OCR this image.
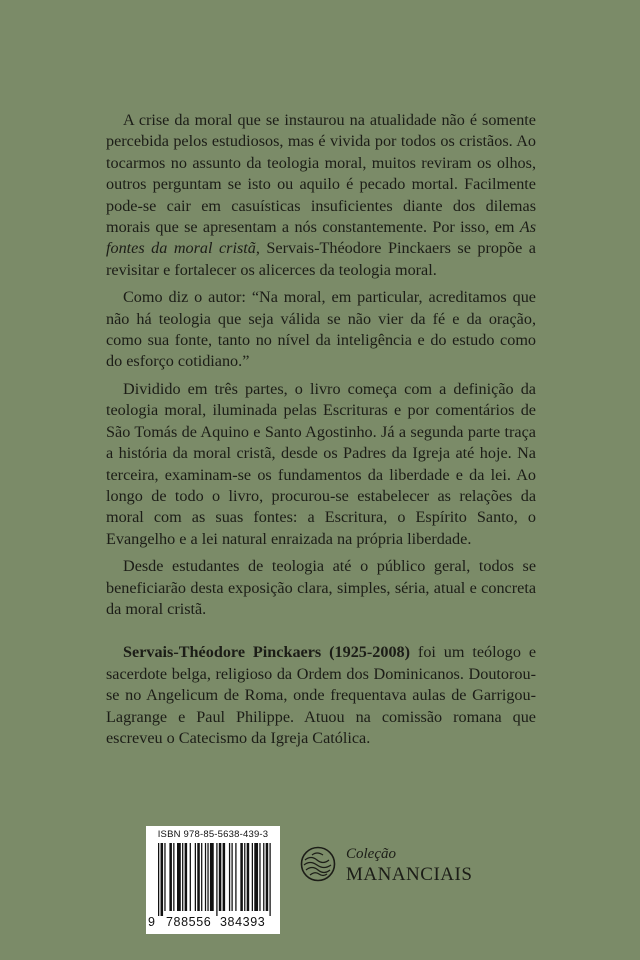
A crise da moral que se instaurou na atualidade não é somente percebida pelos estudiosos, mas é vivida por todos os cristãos. Ao tocarmos no assunto da teologia moral, muitos reviram os olhos, outros perguntam se isto ou aquilo é pecado mortal. Facilmente pode-se cair em casuísticas insuficientes diante dos dilemas morais que se apresentam a nós constantemente. Por isso, em As fontes da moral cristã, Servais-Théodore Pinckaers se propõe a revisitar e fortalecer os alicerces da teologia moral.

Como diz o autor: “Na moral, em particular, acreditamos que não há teologia que seja válida se não vier da fé e da oração, como sua fonte, tanto no nível da inteligência e do estudo como do esforço cotidiano.”

Dividido em três partes, o livro começa com a definição da teologia moral, iluminada pelas Escrituras e por comentários de São Tomás de Aquino e Santo Agostinho. Já a segunda parte traça a história da moral cristã, desde os Padres da Igreja até hoje. Na terceira, examinam-se os fundamentos da liberdade e da lei. Ao longo de todo o livro, procurou-se estabelecer as relações da moral com as suas fontes: a Escritura, o Espírito Santo, o Evangelho e a lei natural enraizada na própria liberdade.

Desde estudantes de teologia até o público geral, todos se beneficiarão desta exposição clara, simples, séria, atual e concreta da moral cristã.

Servais-Théodore Pinckaers (1925-2008) foi um teólogo e sacerdote belga, religioso da Ordem dos Dominicanos. Doutorou-se no Angelicum de Roma, onde frequentava aulas de Garrigou-Lagrange e Paul Philippe. Atuou na comissão romana que escreveu o Catecismo da Igreja Católica.

ISBN 978-85-5638-439-3
9 788556 384393
Coleção
MANANCIAIS
